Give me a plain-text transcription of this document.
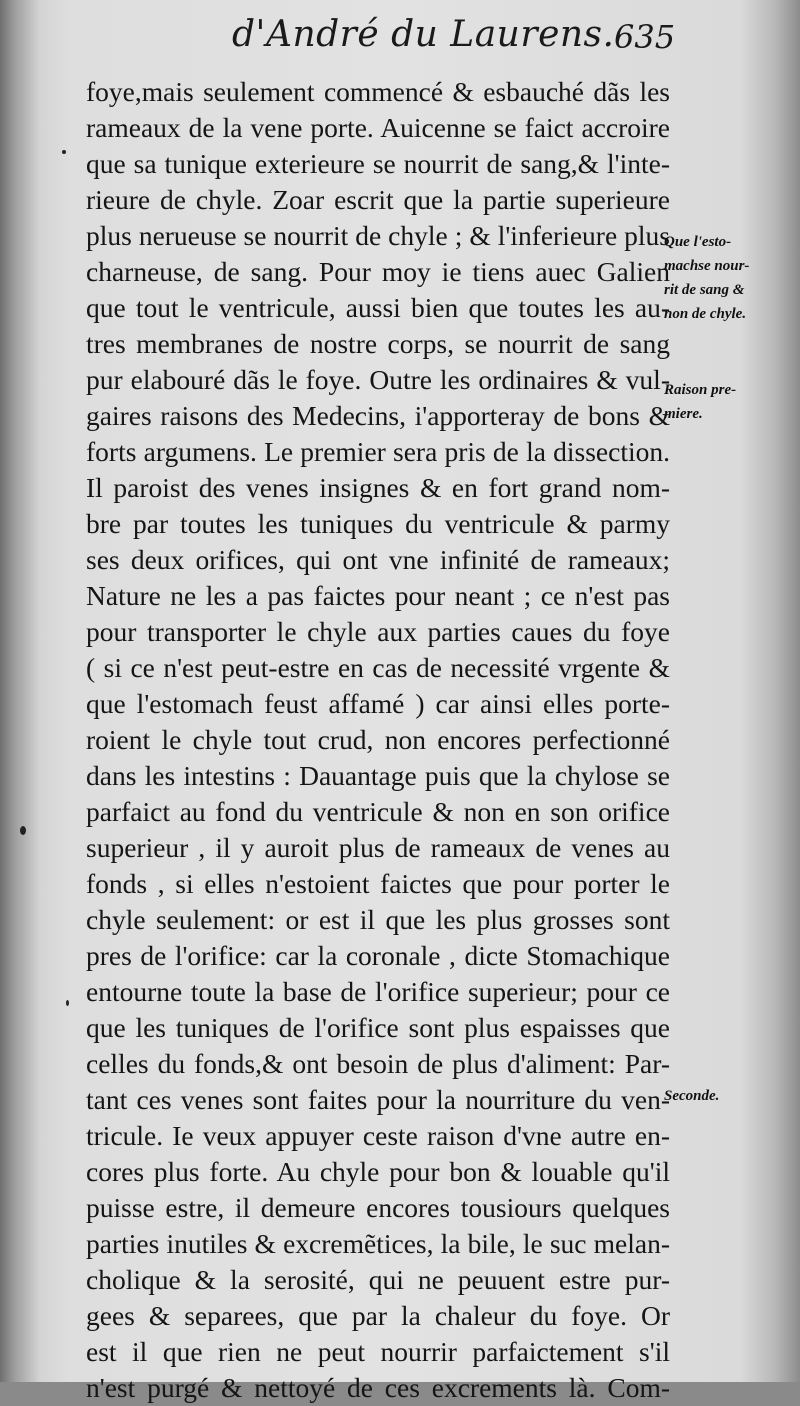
d'André du Laurens. 635
foye,mais seulement commencé & esbauché dãs les
rameaux de la vene porte. Auicenne se faict accroire
que sa tunique exterieure se nourrit de sang,& l'inte-
rieure de chyle. Zoar escrit que la partie superieure
plus nerueuse se nourrit de chyle ; & l'inferieure plus
charneuse, de sang. Pour moy ie tiens auec Galien
que tout le ventricule, aussi bien que toutes les au-
tres membranes de nostre corps, se nourrit de sang
pur elabouré dãs le foye. Outre les ordinaires & vul-
gaires raisons des Medecins, i'apporteray de bons &
forts argumens. Le premier sera pris de la dissection.
Il paroist des venes insignes & en fort grand nom-
bre par toutes les tuniques du ventricule & parmy
ses deux orifices, qui ont vne infinité de rameaux;
Nature ne les a pas faictes pour neant ; ce n'est pas
pour transporter le chyle aux parties caues du foye
( si ce n'est peut-estre en cas de necessité vrgente &
que l'estomach feust affamé ) car ainsi elles porte-
roient le chyle tout crud, non encores perfectionné
dans les intestins : Dauantage puis que la chylose se
parfaict au fond du ventricule & non en son orifice
superieur , il y auroit plus de rameaux de venes au
fonds , si elles n'estoient faictes que pour porter le
chyle seulement: or est il que les plus grosses sont
pres de l'orifice: car la coronale , dicte Stomachique
entourne toute la base de l'orifice superieur; pour ce
que les tuniques de l'orifice sont plus espaisses que
celles du fonds,& ont besoin de plus d'aliment: Par-
tant ces venes sont faites pour la nourriture du ven-
tricule. Ie veux appuyer ceste raison d'vne autre en-
cores plus forte. Au chyle pour bon & louable qu'il
puisse estre, il demeure encores tousiours quelques
parties inutiles & excremẽtices, la bile, le suc melan-
cholique & la serosité, qui ne peuuent estre pur-
gees & separees, que par la chaleur du foye. Or
est il que rien ne peut nourrir parfaictement s'il
n'est purgé & nettoyé de ces excrements là. Com-
Que l'esto-
machse nour-
rit de sang &
non de chyle.
Raison pre-
miere.
Seconde.
